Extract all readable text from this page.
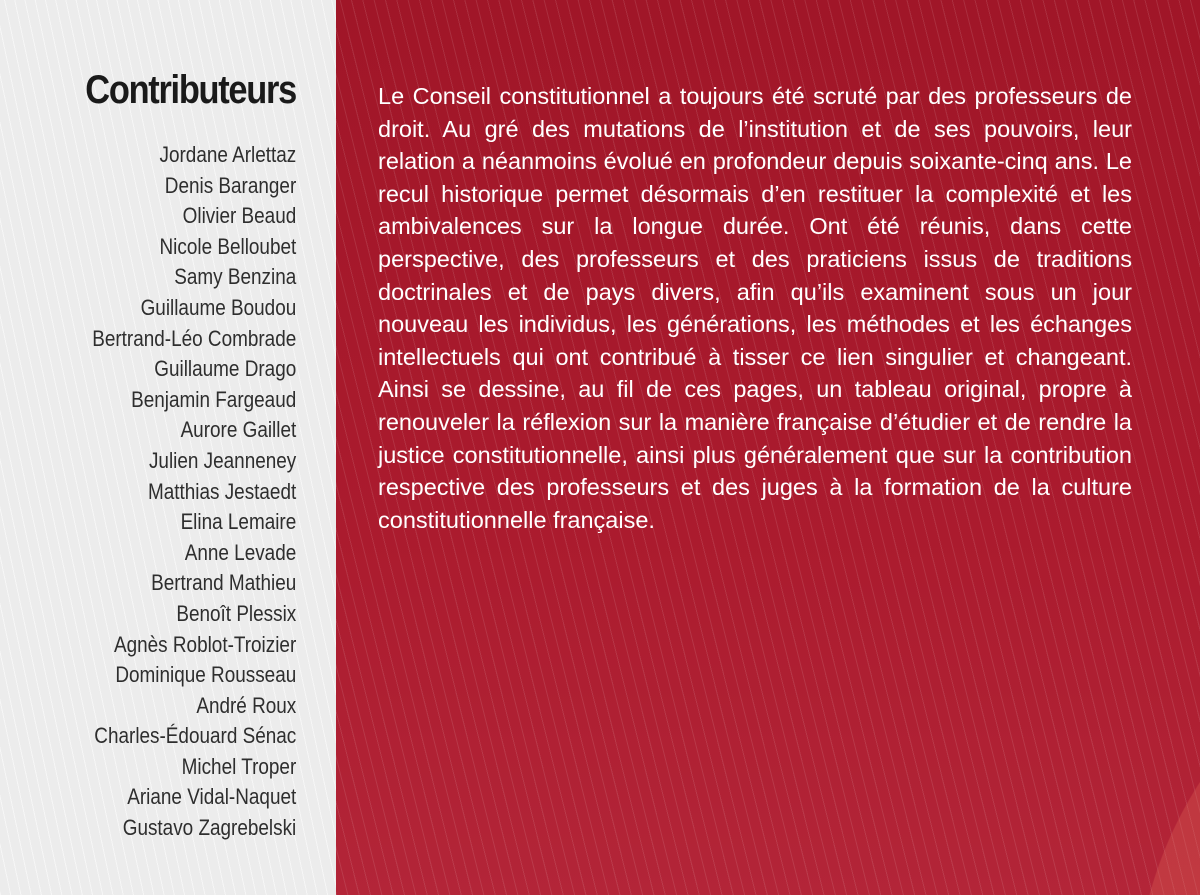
Contributeurs
Jordane Arlettaz
Denis Baranger
Olivier Beaud
Nicole Belloubet
Samy Benzina
Guillaume Boudou
Bertrand-Léo Combrade
Guillaume Drago
Benjamin Fargeaud
Aurore Gaillet
Julien Jeanneney
Matthias Jestaedt
Elina Lemaire
Anne Levade
Bertrand Mathieu
Benoît Plessix
Agnès Roblot-Troizier
Dominique Rousseau
André Roux
Charles-Édouard Sénac
Michel Troper
Ariane Vidal-Naquet
Gustavo Zagrebelski

Le Conseil constitutionnel a toujours été scruté par des professeurs de droit. Au gré des mutations de l’institution et de ses pouvoirs, leur relation a néanmoins évolué en profondeur depuis soixante-cinq ans. Le recul historique permet désormais d’en restituer la complexité et les ambivalences sur la longue durée. Ont été réunis, dans cette perspective, des professeurs et des praticiens issus de traditions doctrinales et de pays divers, afin qu’ils examinent sous un jour nouveau les individus, les générations, les méthodes et les échanges intellectuels qui ont contribué à tisser ce lien singulier et changeant. Ainsi se dessine, au fil de ces pages, un tableau original, propre à renouveler la réflexion sur la manière française d’étudier et de rendre la justice constitutionnelle, ainsi plus généralement que sur la contribution respective des professeurs et des juges à la formation de la culture constitutionnelle française.
